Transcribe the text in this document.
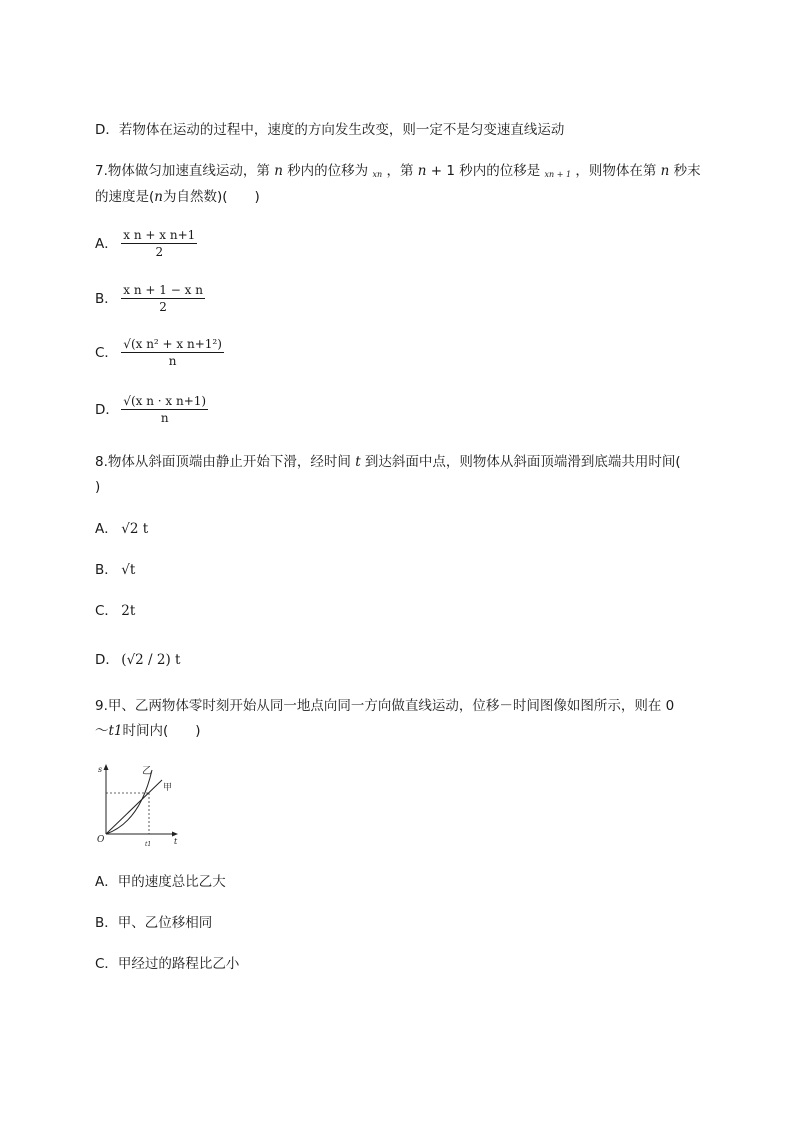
D．若物体在运动的过程中，速度的方向发生改变，则一定不是匀变速直线运动
7.物体做匀加速直线运动，第 n 秒内的位移为 xn ，第 n + 1 秒内的位移是 xn + 1 ，则物体在第 n 秒末
的速度是(n为自然数)(　　)
A． $\frac{\text{x n + x n+1}}{2}$
B． $\frac{\text{x n + 1 − x n}}{2}$
C． $\frac{\text{√(x n² + x n+1²)}}{n}$
D． $\frac{\text{√(x n · x n+1)}}{n}$
8.物体从斜面顶端由静止开始下滑，经时间 t 到达斜面中点，则物体从斜面顶端滑到底端共用时间(
)
A． √2 t
B． √t
C． 2t
D． (√2 / 2) t
9.甲、乙两物体零时刻开始从同一地点向同一方向做直线运动，位移－时间图像如图所示，则在 0
～t1时间内(　　)
s
t
O	t1
乙
甲
A．甲的速度总比乙大
B．甲、乙位移相同
C．甲经过的路程比乙小
